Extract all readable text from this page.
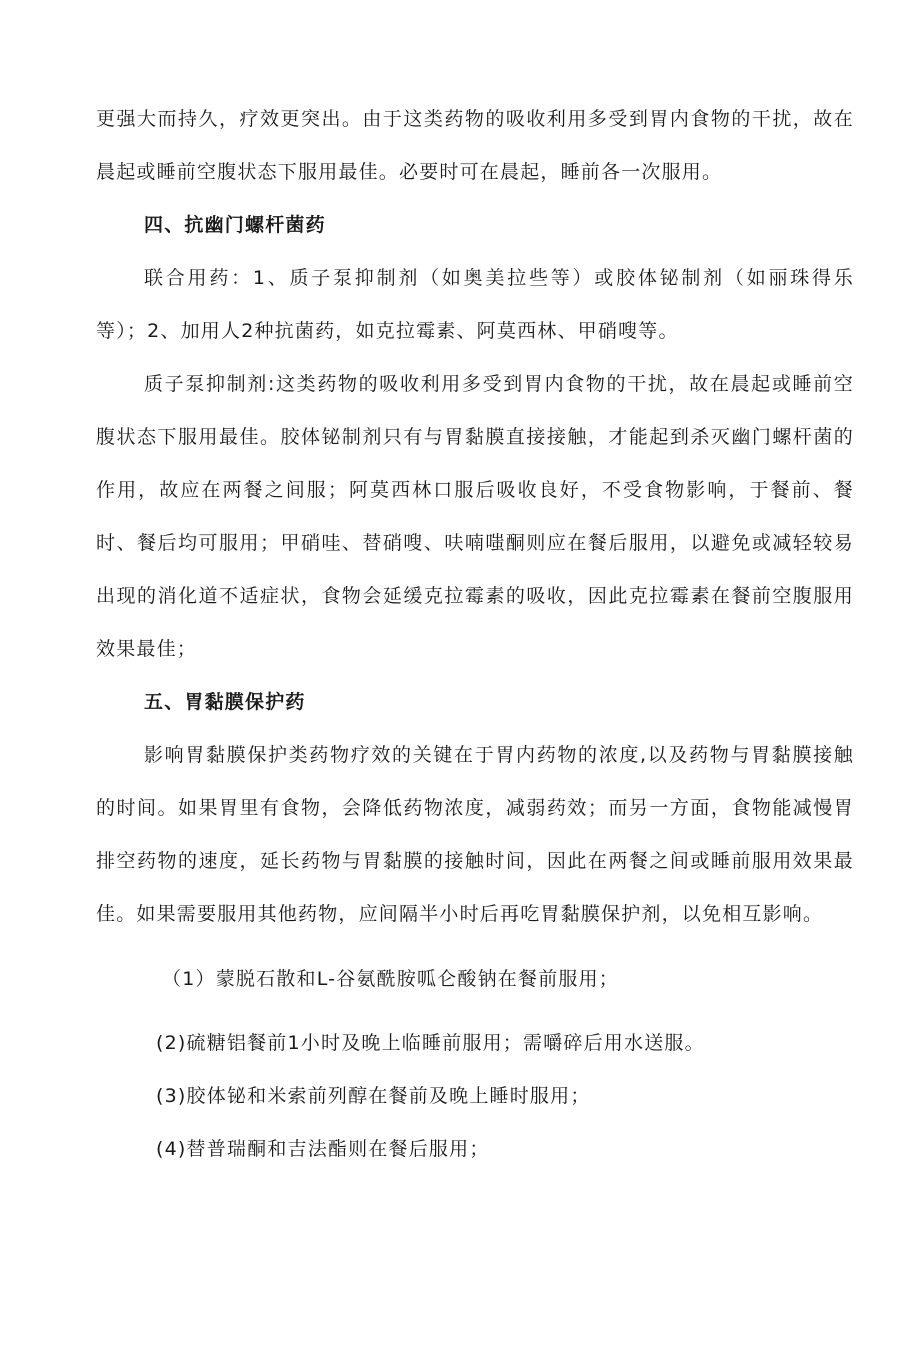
更强大而持久，疗效更突出。由于这类药物的吸收利用多受到胃内食物的干扰，故在晨起或睡前空腹状态下服用最佳。必要时可在晨起，睡前各一次服用。

四、抗幽门螺杆菌药

联合用药：1、质子泵抑制剂（如奥美拉些等）或胶体铋制剂（如丽珠得乐等）；2、加用人2种抗菌药，如克拉霉素、阿莫西林、甲硝嗖等。

质子泵抑制剂:这类药物的吸收利用多受到胃内食物的干扰，故在晨起或睡前空腹状态下服用最佳。胶体铋制剂只有与胃黏膜直接接触，才能起到杀灭幽门螺杆菌的作用，故应在两餐之间服；阿莫西林口服后吸收良好，不受食物影响，于餐前、餐时、餐后均可服用；甲硝哇、替硝嗖、呋喃嗤酮则应在餐后服用，以避免或减轻较易出现的消化道不适症状，食物会延缓克拉霉素的吸收，因此克拉霉素在餐前空腹服用效果最佳；

五、胃黏膜保护药

影响胃黏膜保护类药物疗效的关键在于胃内药物的浓度,以及药物与胃黏膜接触的时间。如果胃里有食物，会降低药物浓度，减弱药效；而另一方面，食物能减慢胃排空药物的速度，延长药物与胃黏膜的接触时间，因此在两餐之间或睡前服用效果最佳。如果需要服用其他药物，应间隔半小时后再吃胃黏膜保护剂，以免相互影响。

（1）蒙脱石散和L-谷氨酰胺呱仑酸钠在餐前服用；

(2)硫糖铝餐前1小时及晚上临睡前服用；需嚼碎后用水送服。

(3)胶体铋和米索前列醇在餐前及晚上睡时服用；

(4)替普瑞酮和吉法酯则在餐后服用；
